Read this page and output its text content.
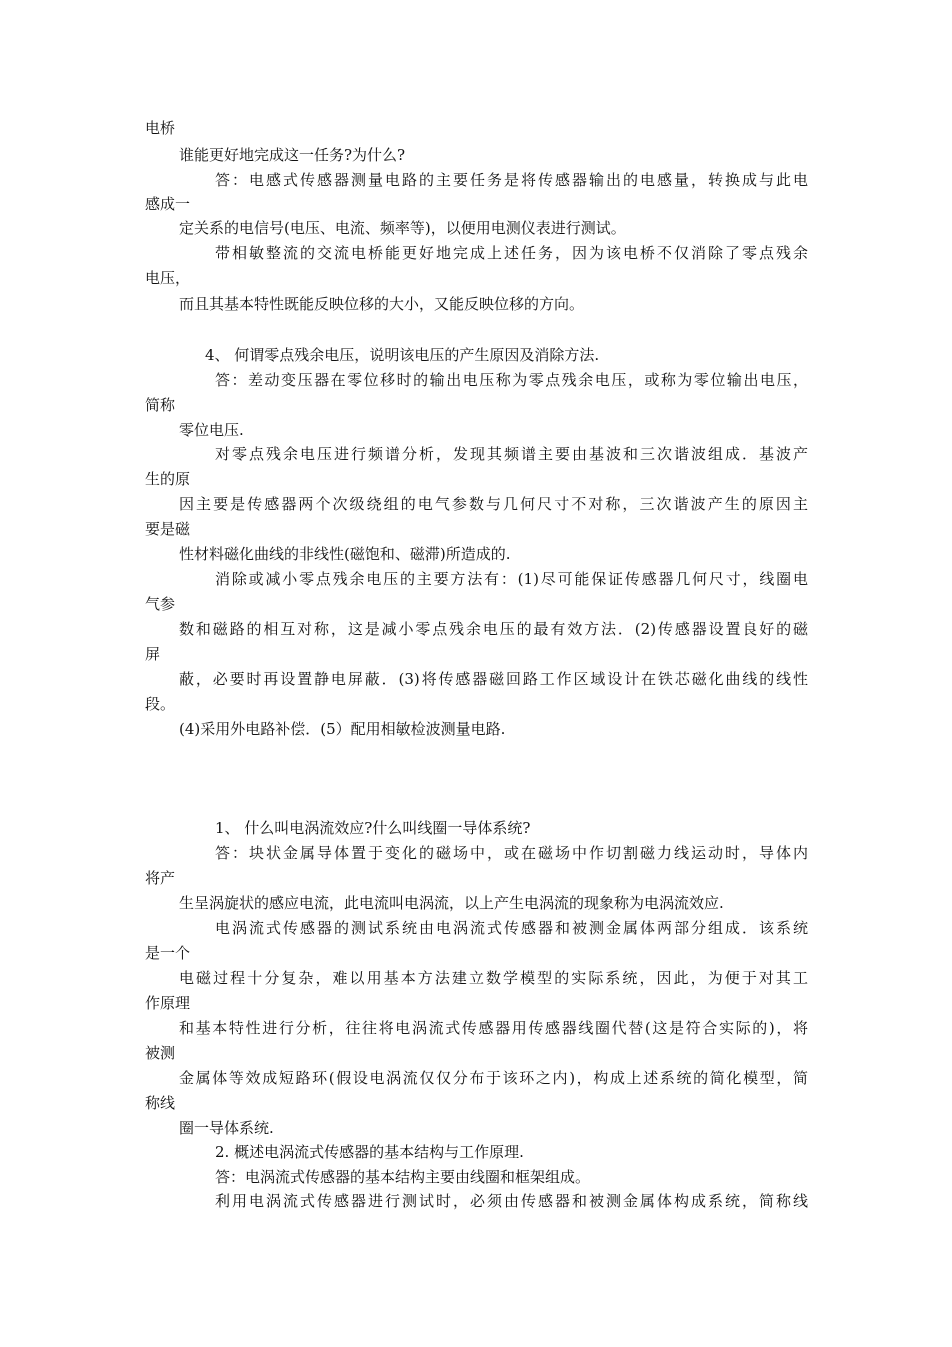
电桥
谁能更好地完成这一任务?为什么?
答：电感式传感器测量电路的主要任务是将传感器输出的电感量，转换成与此电
感成一
定关系的电信号(电压、电流、频率等)，以便用电测仪表进行测试。
带相敏整流的交流电桥能更好地完成上述任务，因为该电桥不仅消除了零点残余
电压，
而且其基本特性既能反映位移的大小，又能反映位移的方向。
4、 何谓零点残余电压，说明该电压的产生原因及消除方法.
答：差动变压器在零位移时的输出电压称为零点残余电压，或称为零位输出电压，
简称
零位电压.
对零点残余电压进行频谱分析，发现其频谱主要由基波和三次谐波组成．基波产
生的原
因主要是传感器两个次级绕组的电气参数与几何尺寸不对称，三次谐波产生的原因主
要是磁
性材料磁化曲线的非线性(磁饱和、磁滞)所造成的.
消除或减小零点残余电压的主要方法有：(1)尽可能保证传感器几何尺寸，线圈电
气参
数和磁路的相互对称，这是减小零点残余电压的最有效方法．(2)传感器设置良好的磁
屏
蔽，必要时再设置静电屏蔽．(3)将传感器磁回路工作区域设计在铁芯磁化曲线的线性
段。
(4)采用外电路补偿．(5）配用相敏检波测量电路.
1、 什么叫电涡流效应?什么叫线圈一导体系统?
答：块状金属导体置于变化的磁场中，或在磁场中作切割磁力线运动时，导体内
将产
生呈涡旋状的感应电流，此电流叫电涡流，以上产生电涡流的现象称为电涡流效应.
电涡流式传感器的测试系统由电涡流式传感器和被测金属体两部分组成．该系统
是一个
电磁过程十分复杂，难以用基本方法建立数学模型的实际系统，因此，为便于对其工
作原理
和基本特性进行分析，往往将电涡流式传感器用传感器线圈代替(这是符合实际的)，将
被测
金属体等效成短路环(假设电涡流仅仅分布于该环之内)，构成上述系统的简化模型，简
称线
圈一导体系统.
2. 概述电涡流式传感器的基本结构与工作原理.
答：电涡流式传感器的基本结构主要由线圈和框架组成。
利用电涡流式传感器进行测试时，必须由传感器和被测金属体构成系统，简称线
